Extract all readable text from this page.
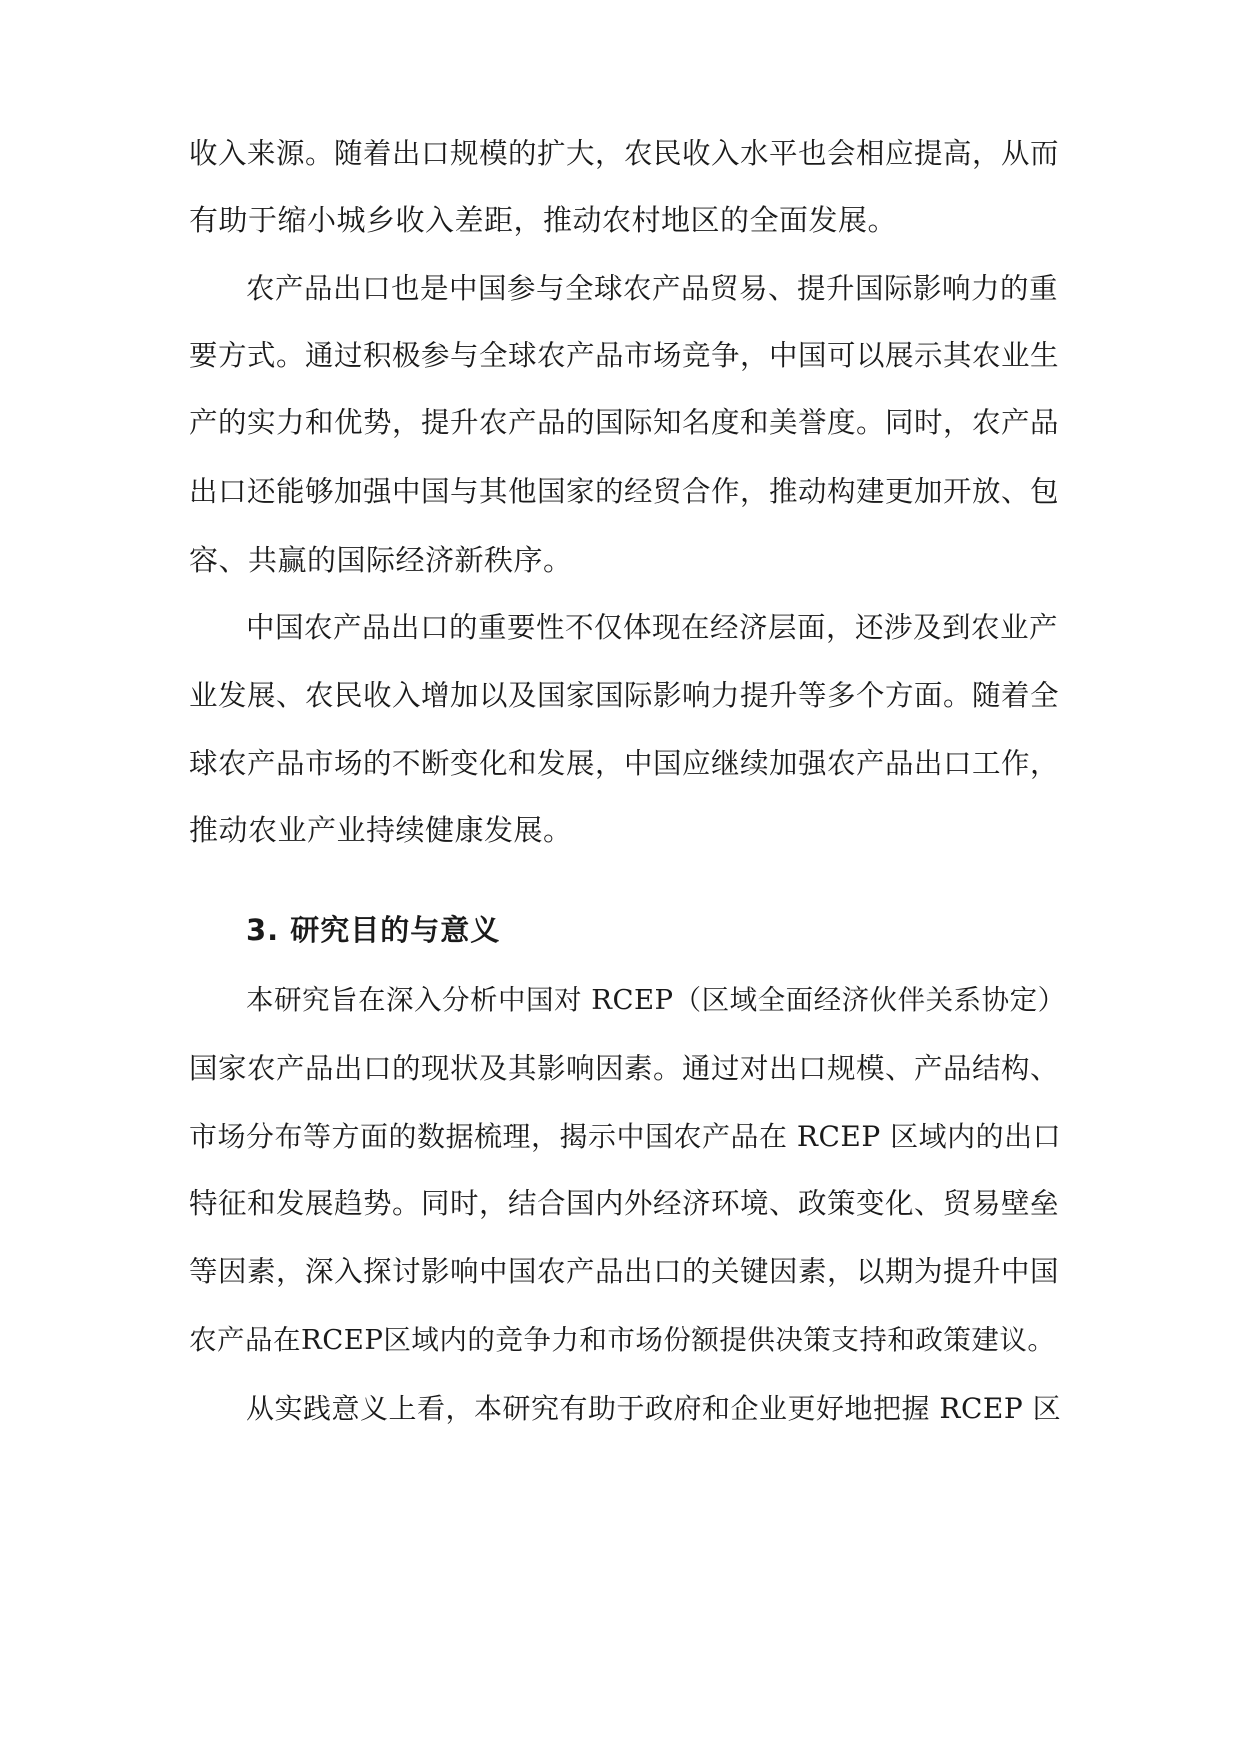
收入来源。随着出口规模的扩大，农民收入水平也会相应提高，从而
有助于缩小城乡收入差距，推动农村地区的全面发展。
农产品出口也是中国参与全球农产品贸易、提升国际影响力的重
要方式。通过积极参与全球农产品市场竞争，中国可以展示其农业生
产的实力和优势，提升农产品的国际知名度和美誉度。同时，农产品
出口还能够加强中国与其他国家的经贸合作，推动构建更加开放、包
容、共赢的国际经济新秩序。
中国农产品出口的重要性不仅体现在经济层面，还涉及到农业产
业发展、农民收入增加以及国家国际影响力提升等多个方面。随着全
球农产品市场的不断变化和发展，中国应继续加强农产品出口工作，
推动农业产业持续健康发展。
3. 研究目的与意义
本研究旨在深入分析中国对 RCEP（区域全面经济伙伴关系协定）
国家农产品出口的现状及其影响因素。通过对出口规模、产品结构、
市场分布等方面的数据梳理，揭示中国农产品在 RCEP 区域内的出口
特征和发展趋势。同时，结合国内外经济环境、政策变化、贸易壁垒
等因素，深入探讨影响中国农产品出口的关键因素，以期为提升中国
农产品在RCEP区域内的竞争力和市场份额提供决策支持和政策建议。
从实践意义上看，本研究有助于政府和企业更好地把握 RCEP 区
